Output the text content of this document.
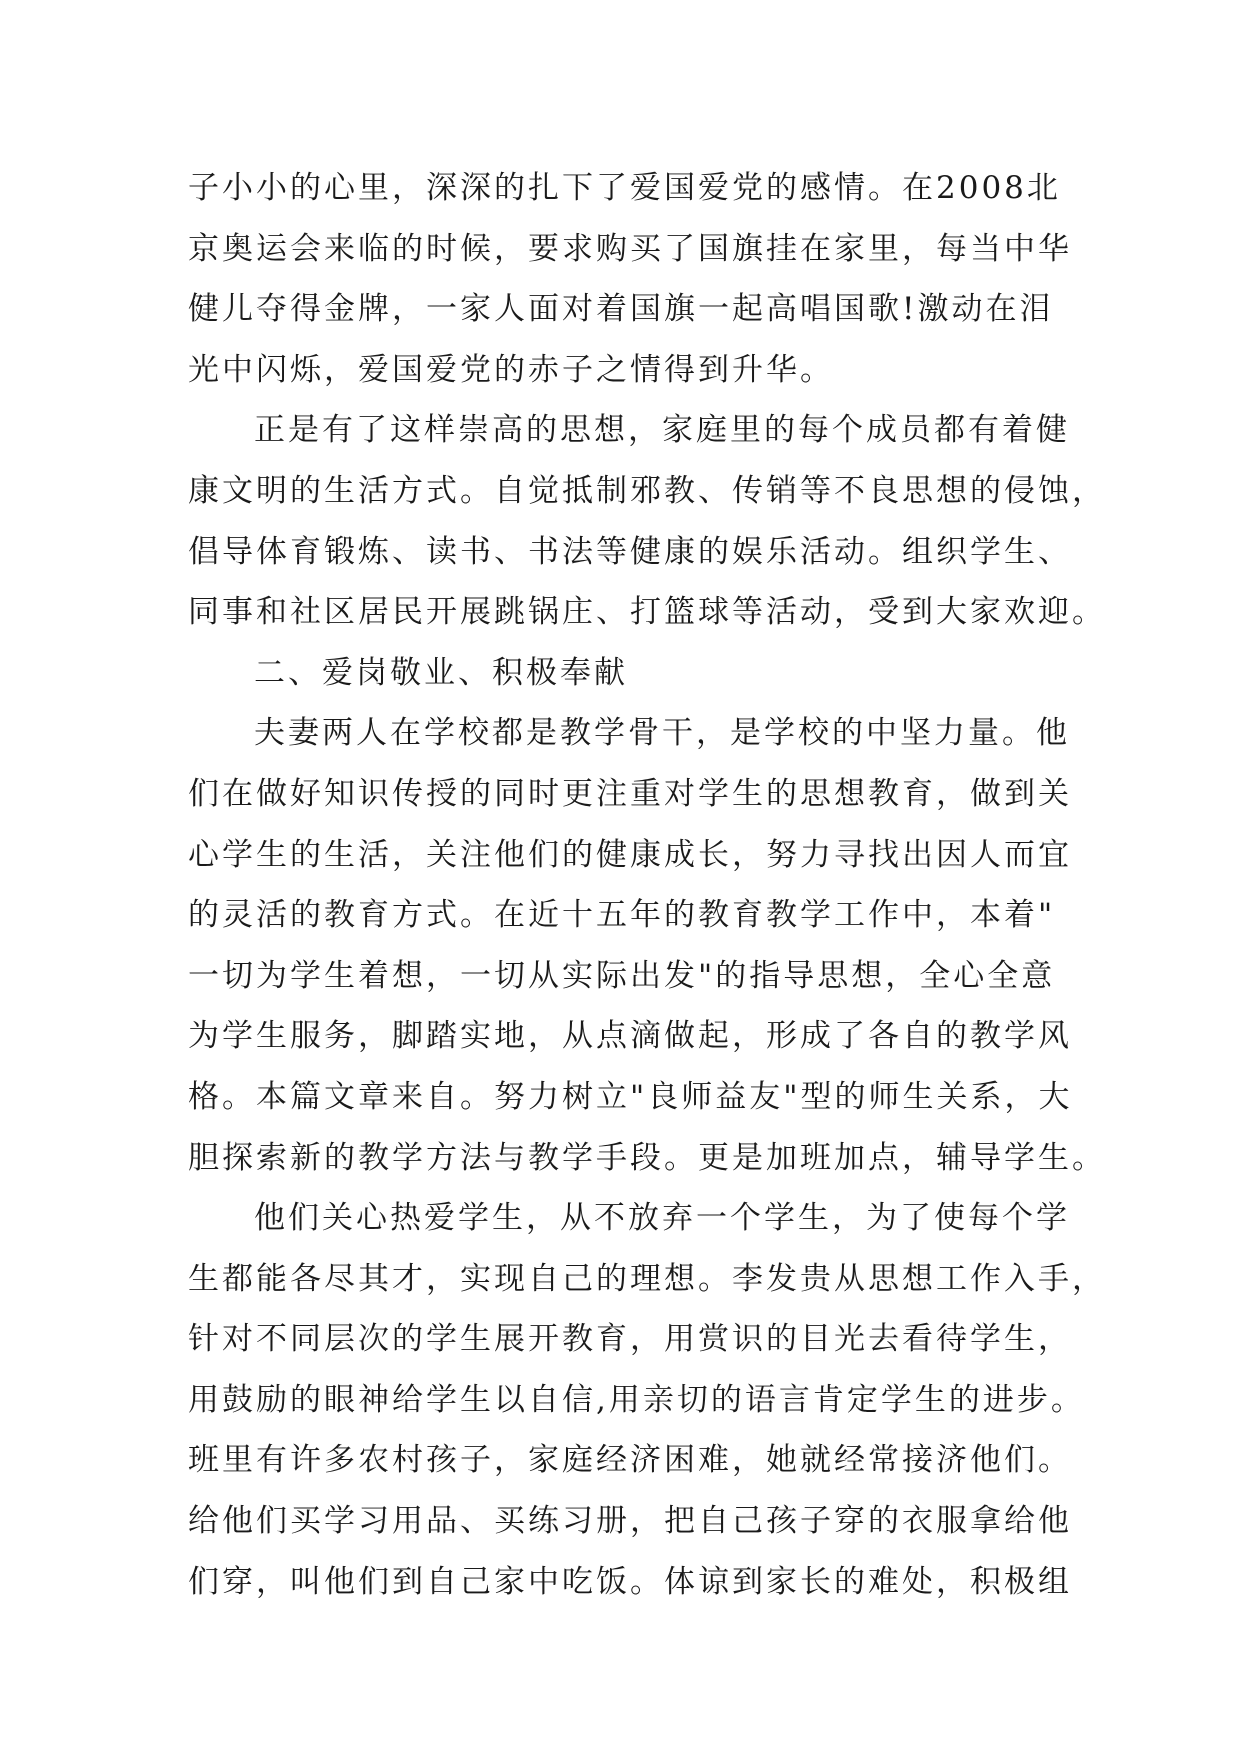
子小小的心里，深深的扎下了爱国爱党的感情。在2008北
京奥运会来临的时候，要求购买了国旗挂在家里，每当中华
健儿夺得金牌，一家人面对着国旗一起高唱国歌!激动在泪
光中闪烁，爱国爱党的赤子之情得到升华。
正是有了这样崇高的思想，家庭里的每个成员都有着健
康文明的生活方式。自觉抵制邪教、传销等不良思想的侵蚀，
倡导体育锻炼、读书、书法等健康的娱乐活动。组织学生、
同事和社区居民开展跳锅庄、打篮球等活动，受到大家欢迎。
二、爱岗敬业、积极奉献
夫妻两人在学校都是教学骨干，是学校的中坚力量。他
们在做好知识传授的同时更注重对学生的思想教育，做到关
心学生的生活，关注他们的健康成长，努力寻找出因人而宜
的灵活的教育方式。在近十五年的教育教学工作中，本着"
一切为学生着想，一切从实际出发"的指导思想，全心全意
为学生服务，脚踏实地，从点滴做起，形成了各自的教学风
格。本篇文章来自。努力树立"良师益友"型的师生关系，大
胆探索新的教学方法与教学手段。更是加班加点，辅导学生。
他们关心热爱学生，从不放弃一个学生，为了使每个学
生都能各尽其才，实现自己的理想。李发贵从思想工作入手，
针对不同层次的学生展开教育，用赏识的目光去看待学生，
用鼓励的眼神给学生以自信,用亲切的语言肯定学生的进步。
班里有许多农村孩子，家庭经济困难，她就经常接济他们。
给他们买学习用品、买练习册，把自己孩子穿的衣服拿给他
们穿，叫他们到自己家中吃饭。体谅到家长的难处，积极组
